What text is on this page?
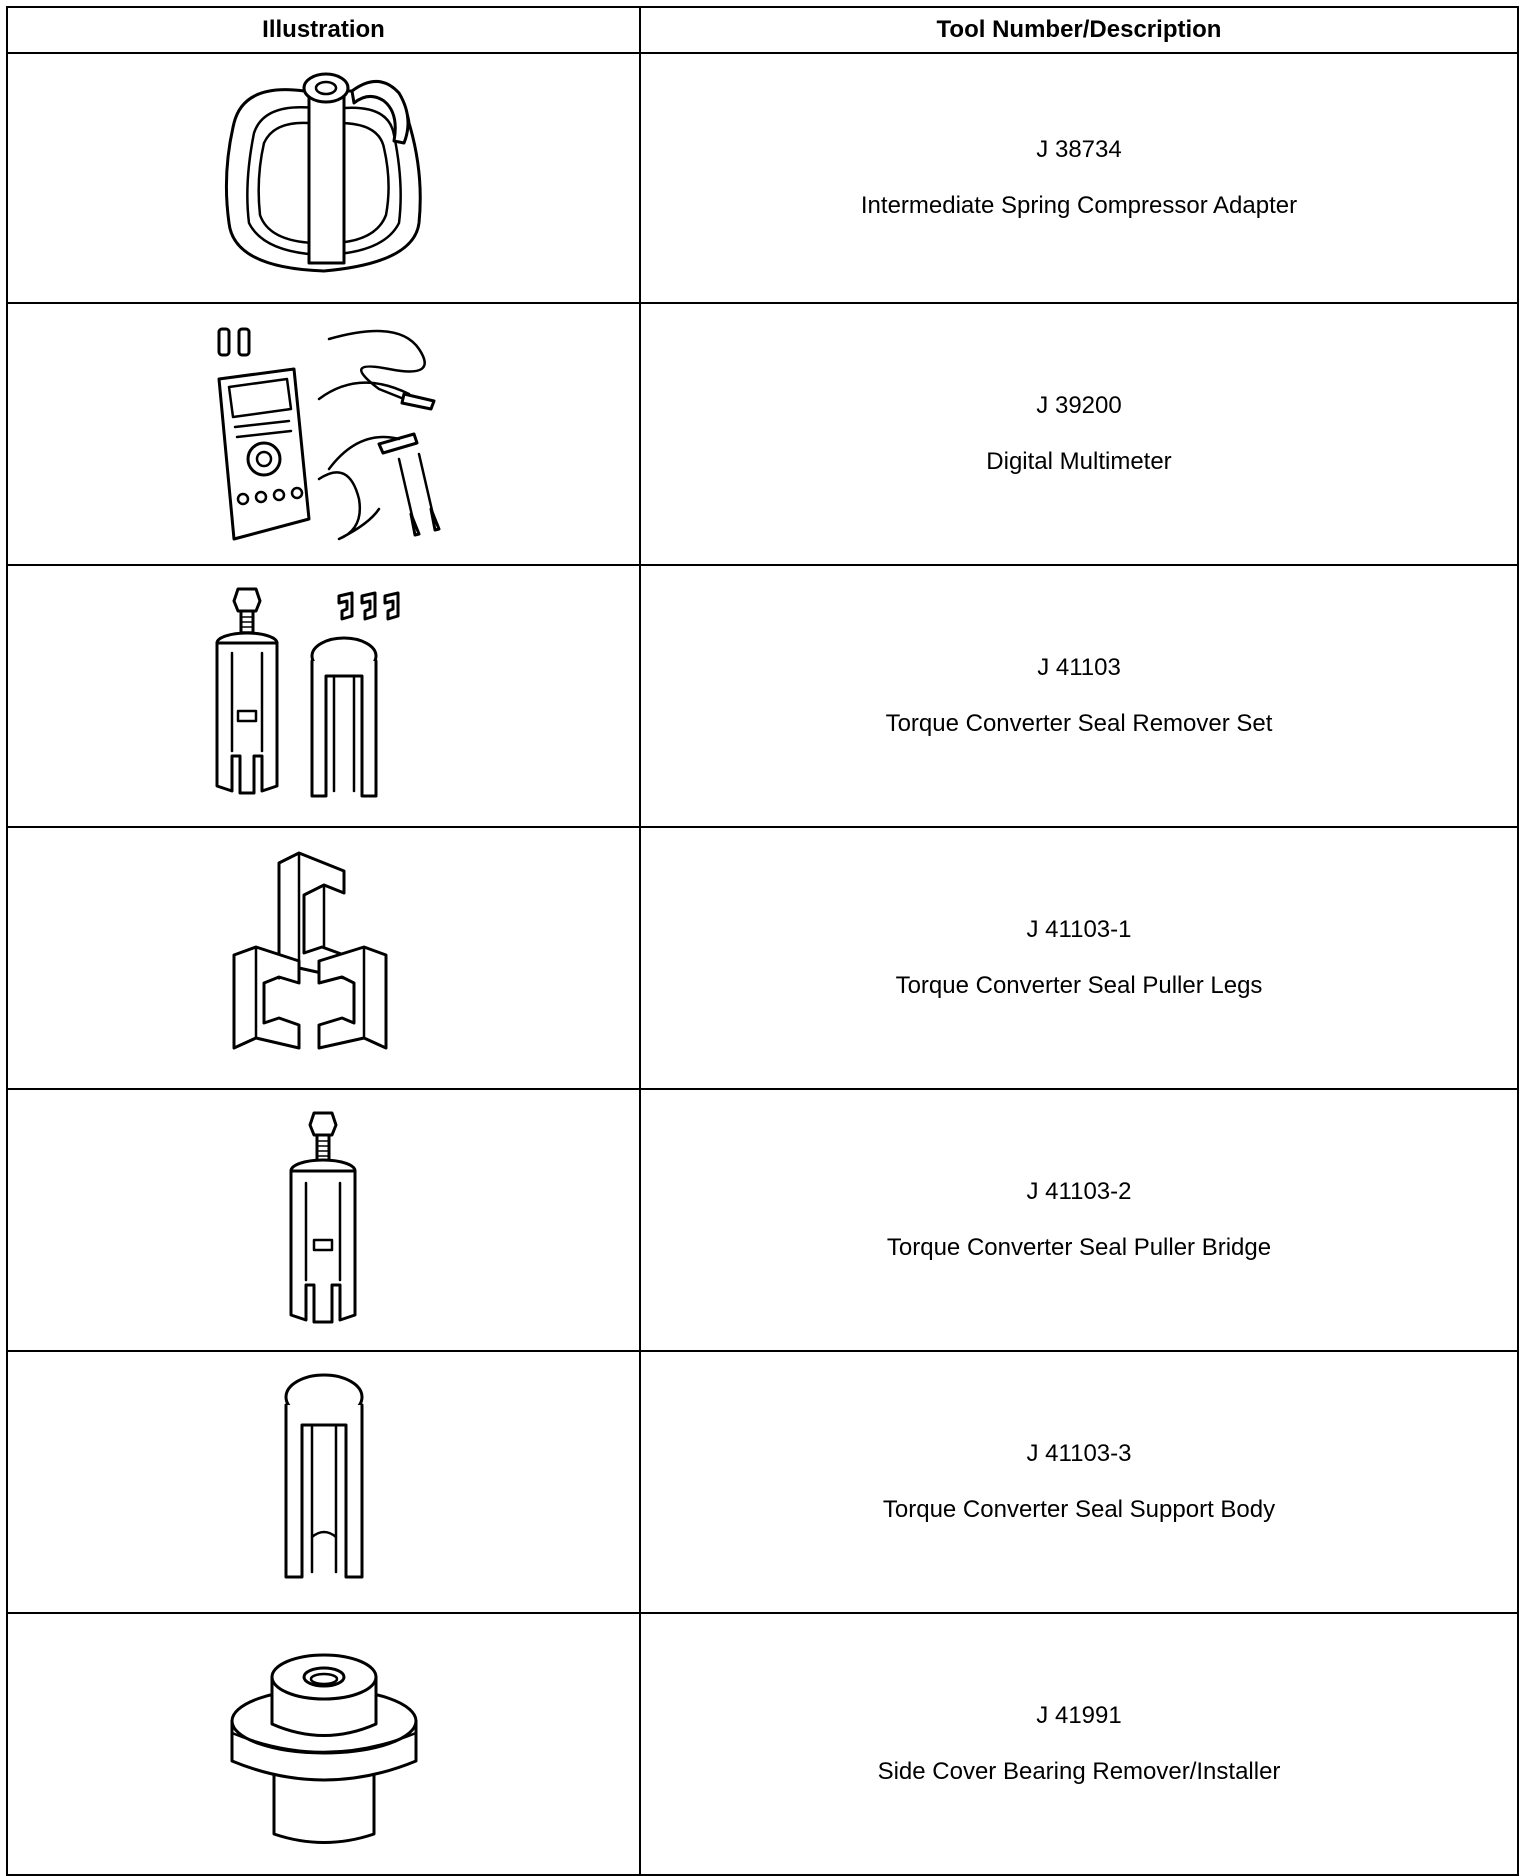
Illustration	Tool Number/Description

J 38734
Intermediate Spring Compressor Adapter

J 39200
Digital Multimeter

J 41103
Torque Converter Seal Remover Set

J 41103-1
Torque Converter Seal Puller Legs

J 41103-2
Torque Converter Seal Puller Bridge

J 41103-3
Torque Converter Seal Support Body

J 41991
Side Cover Bearing Remover/Installer
